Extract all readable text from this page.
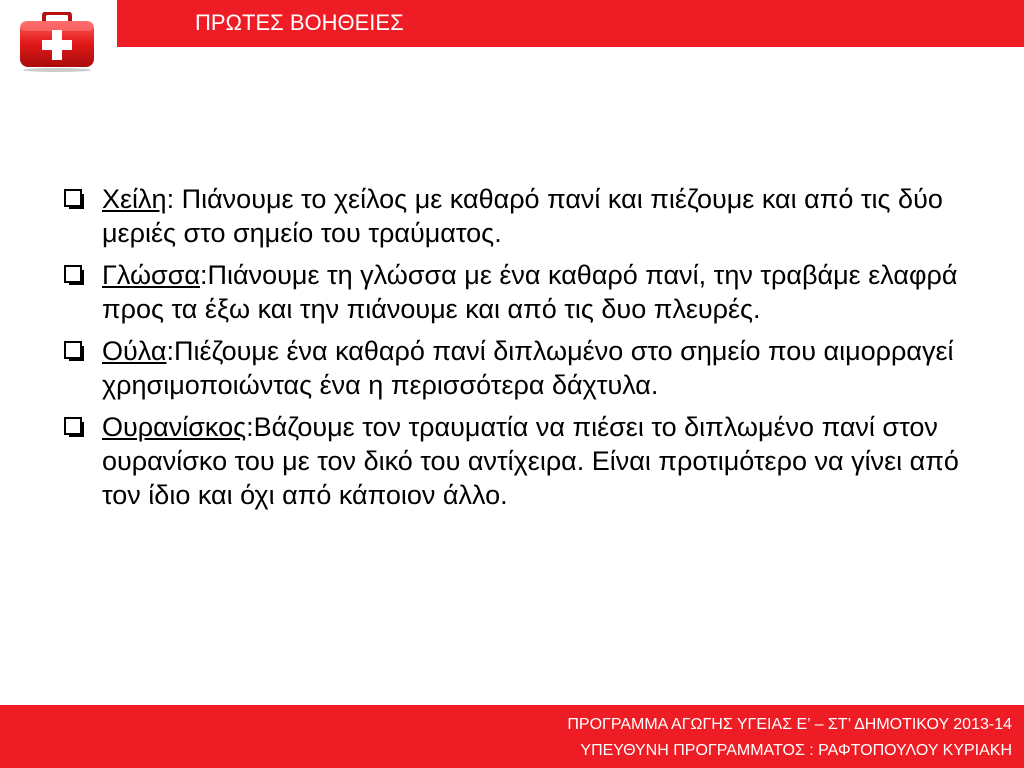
ΠΡΩΤΕΣ ΒΟΗΘΕΙΕΣ
Χείλη: Πιάνουμε το χείλος με καθαρό πανί και πιέζουμε και από τις δύο μεριές στο σημείο του τραύματος.
Γλώσσα:Πιάνουμε τη γλώσσα με ένα καθαρό πανί, την τραβάμε ελαφρά προς τα έξω και την πιάνουμε και από τις δυο πλευρές.
Ούλα:Πιέζουμε ένα καθαρό πανί διπλωμένο στο σημείο που αιμορραγεί χρησιμοποιώντας ένα η περισσότερα δάχτυλα.
Ουρανίσκος:Βάζουμε τον τραυματία να πιέσει το διπλωμένο πανί στον ουρανίσκο του με τον δικό του αντίχειρα. Είναι προτιμότερο να γίνει από τον ίδιο και όχι από κάποιον άλλο.
ΠΡΟΓΡΑΜΜΑ ΑΓΩΓΗΣ ΥΓΕΙΑΣ Ε’ – ΣΤ’ ΔΗΜΟΤΙΚΟΥ 2013-14
ΥΠΕΥΘΥΝΗ ΠΡΟΓΡΑΜΜΑΤΟΣ : ΡΑΦΤΟΠΟΥΛΟΥ ΚΥΡΙΑΚΗ
